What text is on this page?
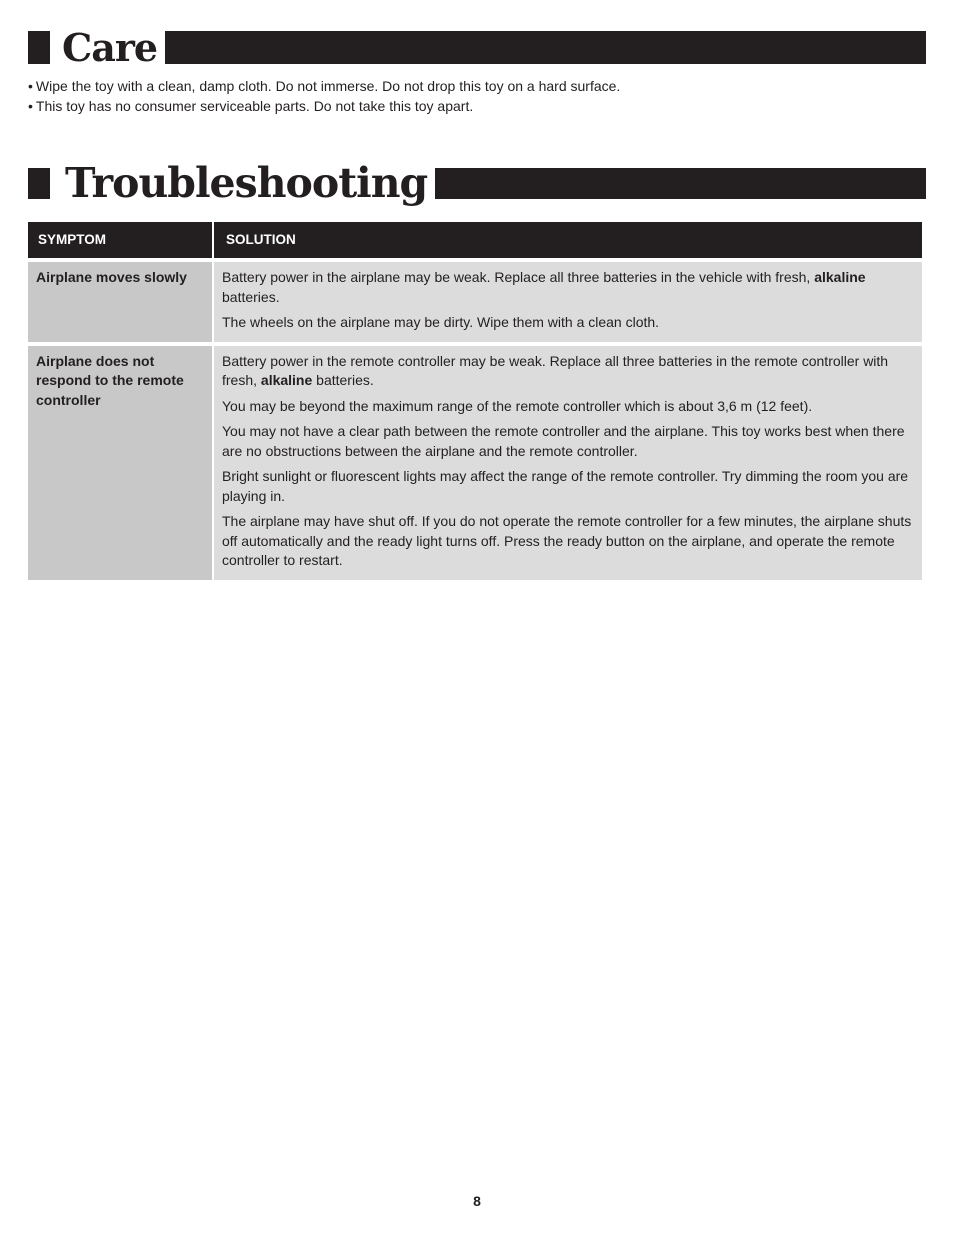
Care
• Wipe the toy with a clean, damp cloth. Do not immerse. Do not drop this toy on a hard surface.
• This toy has no consumer serviceable parts. Do not take this toy apart.
Troubleshooting
SYMPTOM	SOLUTION
Airplane moves slowly	Battery power in the airplane may be weak. Replace all three batteries in the vehicle with fresh, alkaline batteries.

The wheels on the airplane may be dirty. Wipe them with a clean cloth.

Airplane does not respond to the remote controller	Battery power in the remote controller may be weak. Replace all three batteries in the remote controller with fresh, alkaline batteries.

You may be beyond the maximum range of the remote controller which is about 3,6 m (12 feet).

You may not have a clear path between the remote controller and the airplane. This toy works best when there are no obstructions between the airplane and the remote controller.

Bright sunlight or fluorescent lights may affect the range of the remote controller. Try dimming the room you are playing in.

The airplane may have shut off. If you do not operate the remote controller for a few minutes, the airplane shuts off automatically and the ready light turns off. Press the ready button on the airplane, and operate the remote controller to restart.

8
